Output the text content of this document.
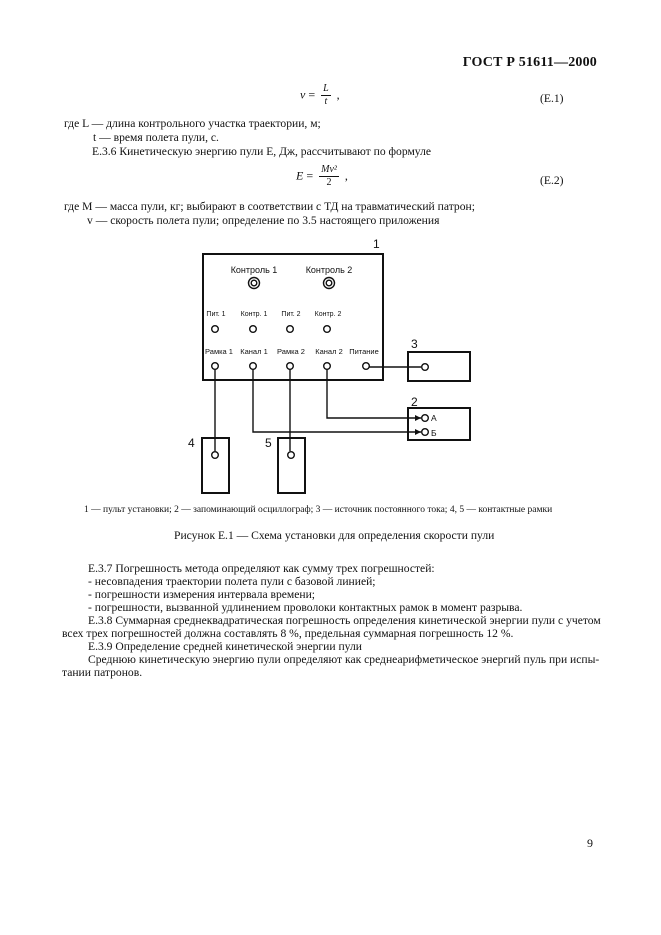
ГОСТ Р 51611—2000
$v = \frac{L}{t}$ ,	(Е.1)
где L — длина контрольного участка траектории, м;
t — время полета пули, с.
Е.3.6 Кинетическую энергию пули E, Дж, рассчитывают по формуле
$E = \frac{\text{Mv²}}{2}$ ,	(Е.2)
где M — масса пули, кг; выбирают в соответствии с ТД на травматический патрон;
v — скорость полета пули; определение по 3.5 настоящего приложения
Контроль 1	Контроль 2
Пит. 1 Контр. 1 Пит. 2 Контр. 2
Рамка 1 Канал 1 Рамка 2 Канал 2 Питание
А
Б
1
2
3
4	5
1 — пульт установки; 2 — запоминающий осциллограф; 3 — источник постоянного тока; 4, 5 — контактные рамки
Рисунок Е.1 — Схема установки для определения скорости пули
Е.3.7 Погрешность метода определяют как сумму трех погрешностей:
- несовпадения траектории полета пули с базовой линией;
- погрешности измерения интервала времени;
- погрешности, вызванной удлинением проволоки контактных рамок в момент разрыва.
Е.3.8 Суммарная среднеквадратическая погрешность определения кинетической энергии пули с учетом
всех трех погрешностей должна составлять 8 %, предельная суммарная погрешность 12 %.
Е.3.9 Определение средней кинетической энергии пули
Среднюю кинетическую энергию пули определяют как среднеарифметическое энергий пуль при испы-
тании патронов.
9
